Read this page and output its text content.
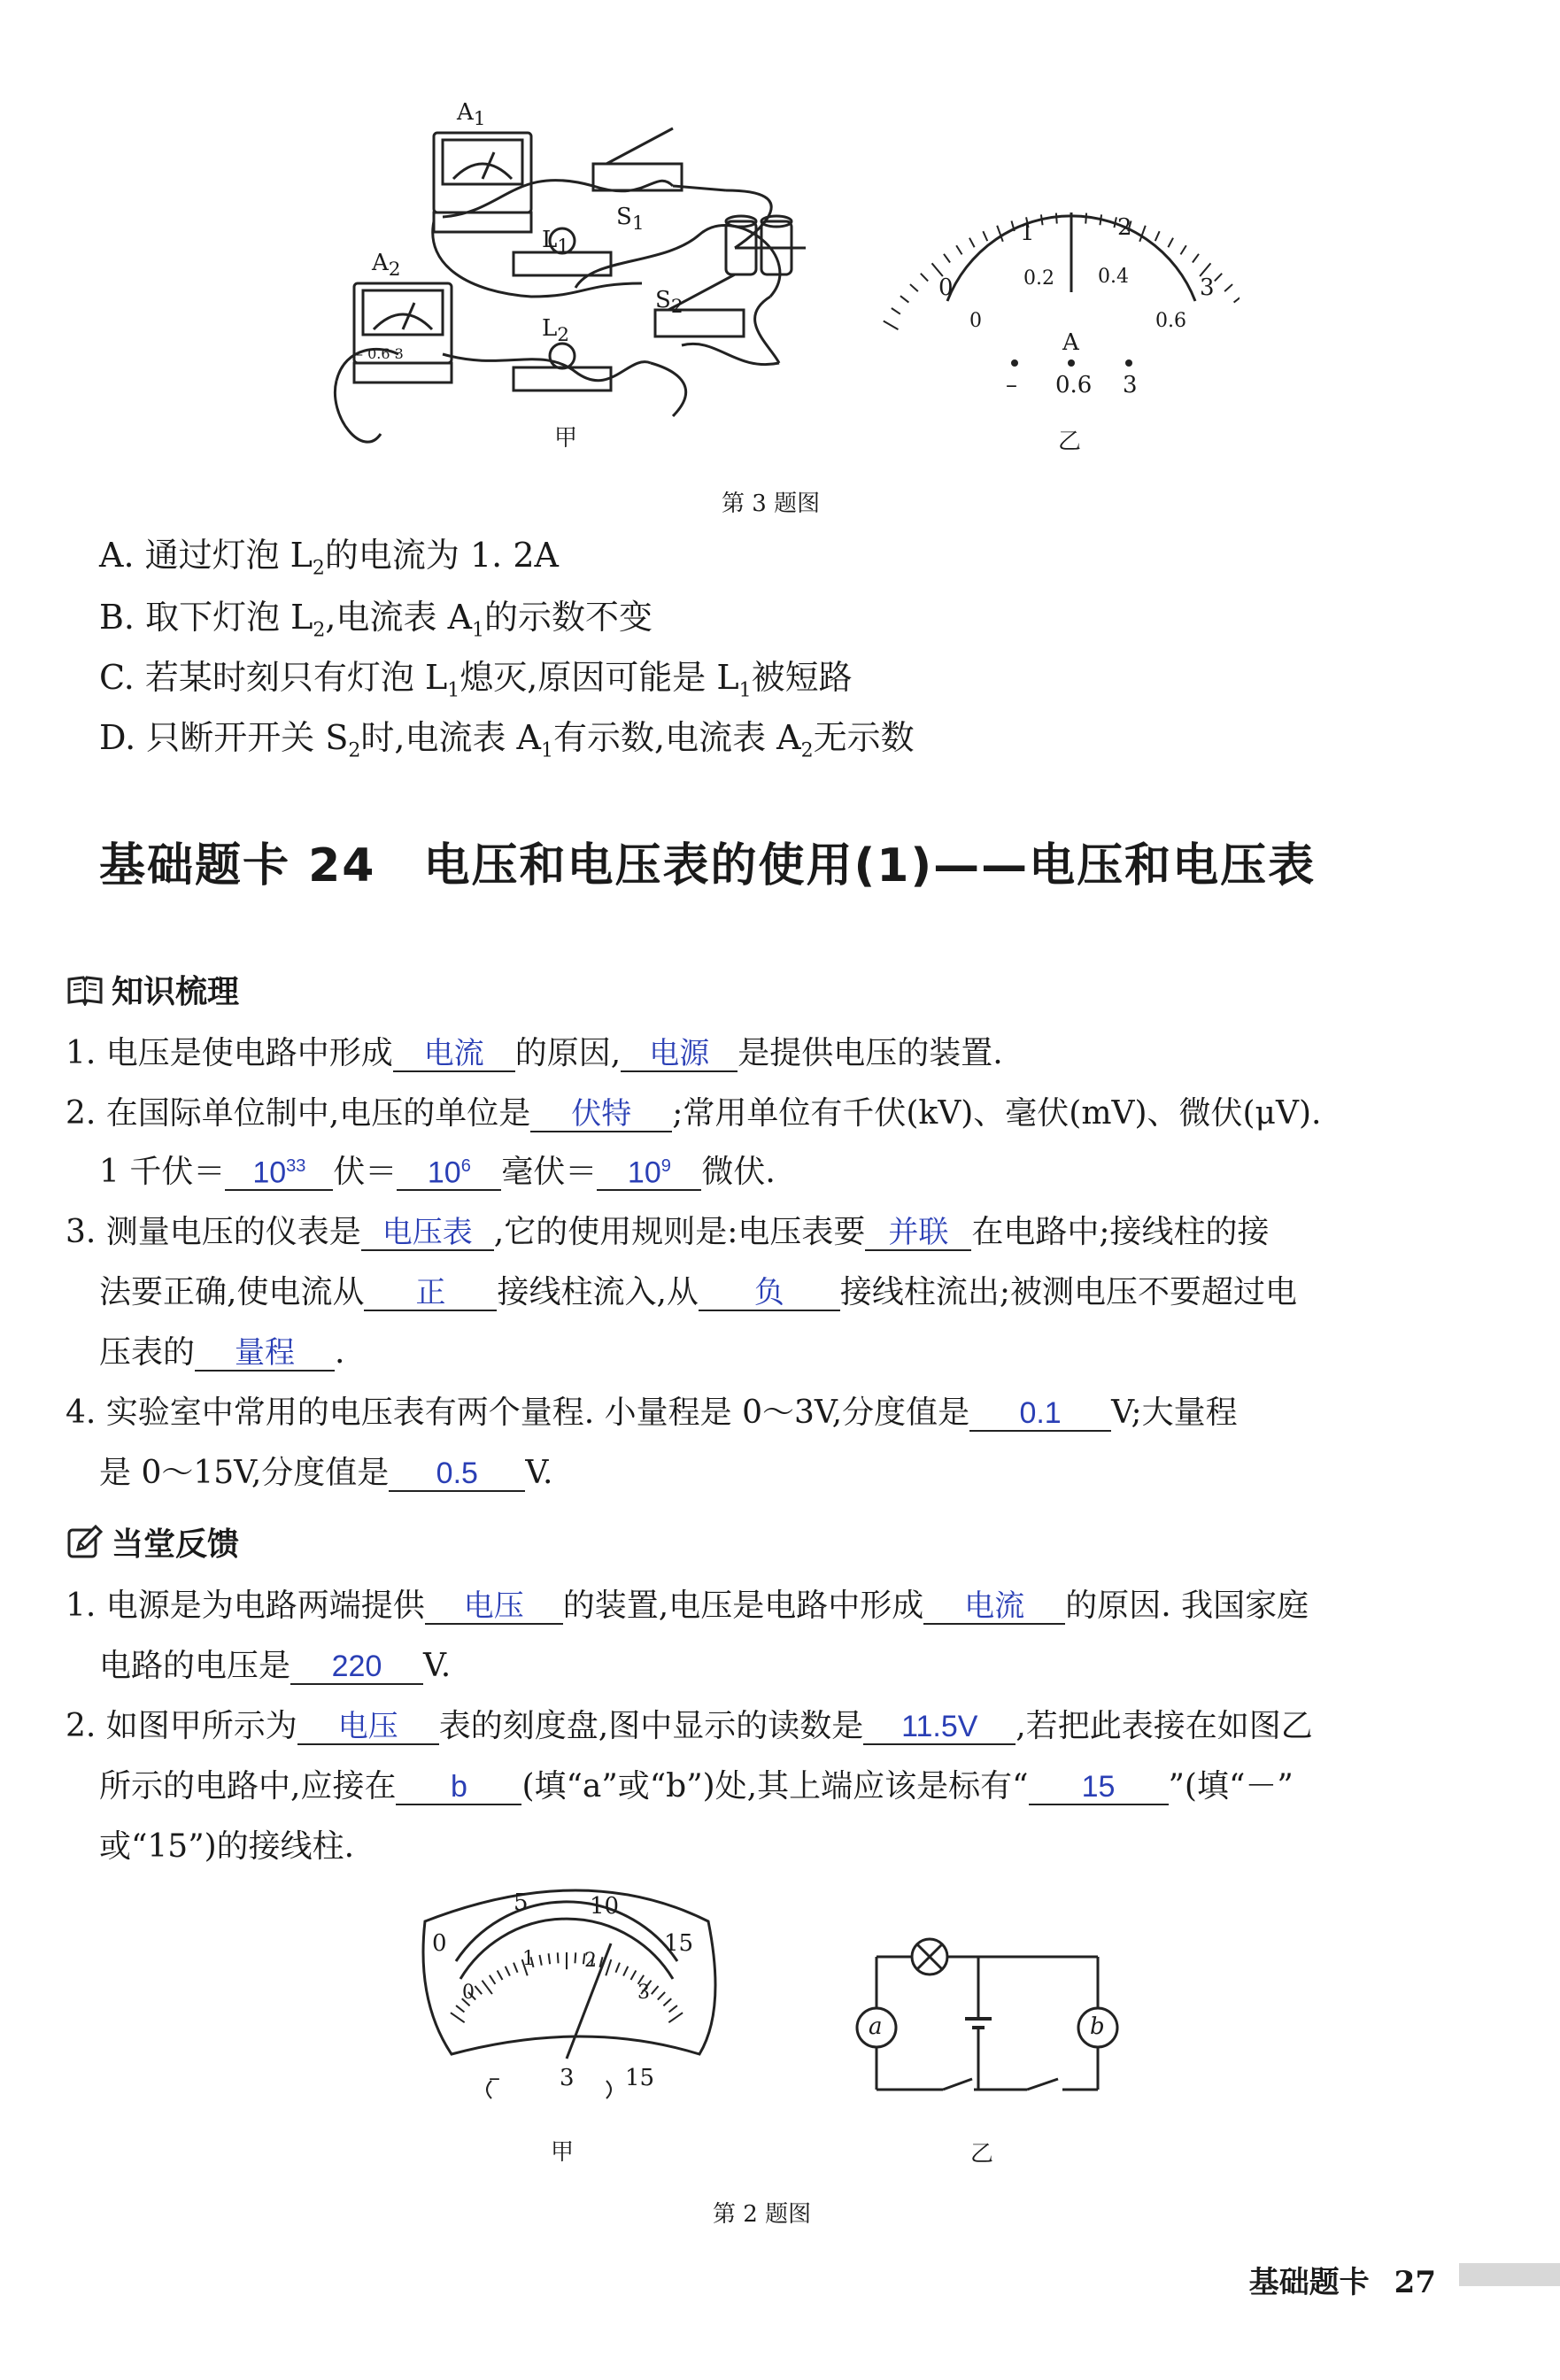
$A_1$
$A_2$
$L_1$
$L_2$
$S_1$
$S_2$
– 0.6 3
0
1	2
3
0
0.2 0.4
0.6
A
– 0.6 3
甲	乙
第 3 题图
A. 通过灯泡 $L_2$的电流为 1. 2A
B. 取下灯泡 $L_2$,电流表 $A_1$的示数不变
C. 若某时刻只有灯泡 $L_1$熄灭,原因可能是 $L_1$被短路
D. 只断开开关 $S_2$时,电流表 $A_1$有示数,电流表 $A_2$无示数
基础题卡 24　电压和电压表的使用(1)——电压和电压表
知识梳理
1. 电压是使电路中形成 电流 的原因, 电源 是提供电压的装置.
2. 在国际单位制中,电压的单位是 伏特 ;常用单位有千伏(kV)、毫伏(mV)、微伏(μV).
1 千伏＝ $10^{33}$ 伏＝ $10^6$ 毫伏＝ $10^9$ 微伏.
3. 测量电压的仪表是 电压表 ,它的使用规则是:电压表要 并联 在电路中;接线柱的接
法要正确,使电流从 正 接线柱流入,从 负 接线柱流出;被测电压不要超过电
压表的 量程 .
4. 实验室中常用的电压表有两个量程. 小量程是 0～3V,分度值是 0.1 V;大量程
是 0～15V,分度值是 0.5 V.
当堂反馈
1. 电源是为电路两端提供 电压 的装置,电压是电路中形成 电流 的原因. 我国家庭
电路的电压是 220 V.
2. 如图甲所示为 电压 表的刻度盘,图中显示的读数是 11.5V ,若把此表接在如图乙
所示的电路中,应接在 b (填“a”或“b”)处,其上端应该是标有“ 15 ”(填“－”
或“15”)的接线柱.
0
5	10
15
0
1	2
3
–	3 15
a	b
甲	乙
第 2 题图
基础题卡 27
